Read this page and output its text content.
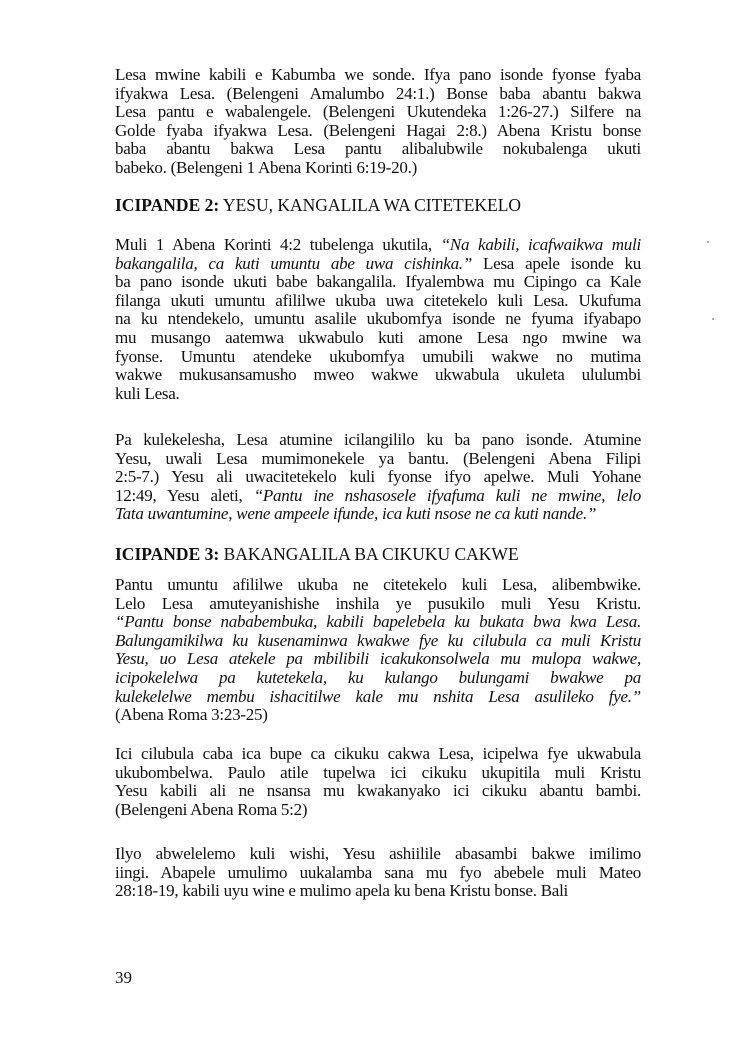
Lesa mwine kabili e Kabumba we sonde. Ifya pano isonde fyonse fyaba
ifyakwa Lesa. (Belengeni Amalumbo 24:1.) Bonse baba abantu bakwa
Lesa pantu e wabalengele. (Belengeni Ukutendeka 1:26-27.) Silfere na
Golde fyaba ifyakwa Lesa. (Belengeni Hagai 2:8.) Abena Kristu bonse
baba abantu bakwa Lesa pantu alibalubwile nokubalenga ukuti
babeko. (Belengeni 1 Abena Korinti 6:19-20.)
ICIPANDE 2: YESU, KANGALILA WA CITETEKELO
Muli 1 Abena Korinti 4:2 tubelenga ukutila, “Na kabili, icafwaikwa muli
bakangalila, ca kuti umuntu abe uwa cishinka.” Lesa apele isonde ku
ba pano isonde ukuti babe bakangalila. Ifyalembwa mu Cipingo ca Kale
filanga ukuti umuntu afililwe ukuba uwa citetekelo kuli Lesa. Ukufuma
na ku ntendekelo, umuntu asalile ukubomfya isonde ne fyuma ifyabapo
mu musango aatemwa ukwabulo kuti amone Lesa ngo mwine wa
fyonse. Umuntu atendeke ukubomfya umubili wakwe no mutima
wakwe mukusansamusho mweo wakwe ukwabula ukuleta ululumbi
kuli Lesa.
Pa kulekelesha, Lesa atumine icilangililo ku ba pano isonde. Atumine
Yesu, uwali Lesa mumimonekele ya bantu. (Belengeni Abena Filipi
2:5-7.) Yesu ali uwacitetekelo kuli fyonse ifyo apelwe. Muli Yohane
12:49, Yesu aleti, “Pantu ine nshasosele ifyafuma kuli ne mwine, lelo
Tata uwantumine, wene ampeele ifunde, ica kuti nsose ne ca kuti nande.”
ICIPANDE 3: BAKANGALILA BA CIKUKU CAKWE
Pantu umuntu afililwe ukuba ne citetekelo kuli Lesa, alibembwike.
Lelo Lesa amuteyanishishe inshila ye pusukilo muli Yesu Kristu.
“Pantu bonse nababembuka, kabili bapelebela ku bukata bwa kwa Lesa.
Balungamikilwa ku kusenaminwa kwakwe fye ku cilubula ca muli Kristu
Yesu, uo Lesa atekele pa mbilibili icakukonsolwela mu mulopa wakwe,
icipokelelwa pa kutetekela, ku kulango bulungami bwakwe pa
kulekelelwe membu ishacitilwe kale mu nshita Lesa asulileko fye.”
(Abena Roma 3:23-25)
Ici cilubula caba ica bupe ca cikuku cakwa Lesa, icipelwa fye ukwabula
ukubombelwa. Paulo atile tupelwa ici cikuku ukupitila muli Kristu
Yesu kabili ali ne nsansa mu kwakanyako ici cikuku abantu bambi.
(Belengeni Abena Roma 5:2)
Ilyo abwelelemo kuli wishi, Yesu ashiilile abasambi bakwe imilimo
iingi. Abapele umulimo uukalamba sana mu fyo abebele muli Mateo
28:18-19, kabili uyu wine e mulimo apela ku bena Kristu bonse. Bali
39
